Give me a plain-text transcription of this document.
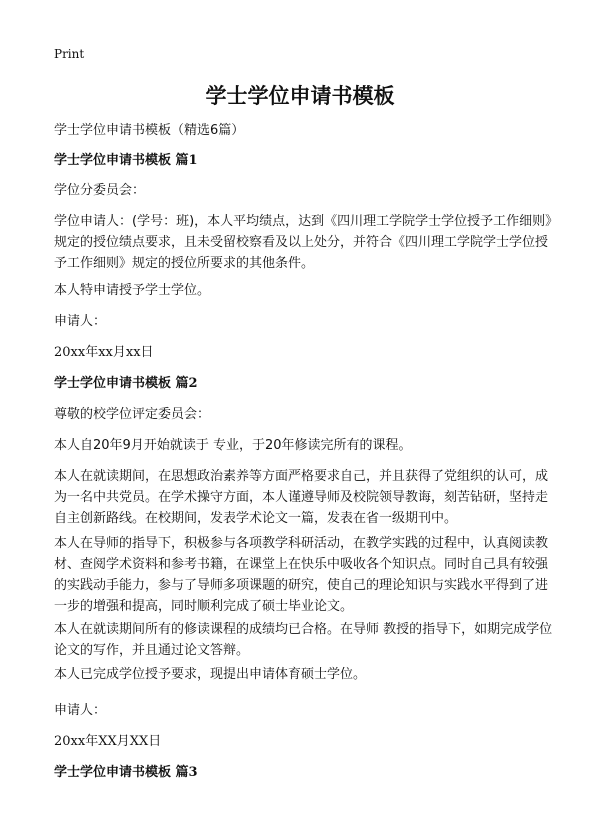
Print
学士学位申请书模板
学士学位申请书模板（精选6篇）
学士学位申请书模板 篇1
学位分委员会：
学位申请人：(学号：班)，本人平均绩点，达到《四川理工学院学士学位授予工作细则》规定的授位绩点要求，且未受留校察看及以上处分，并符合《四川理工学院学士学位授予工作细则》规定的授位所要求的其他条件。
本人特申请授予学士学位。
申请人：
20xx年xx月xx日
学士学位申请书模板 篇2
尊敬的校学位评定委员会：
本人自20年9月开始就读于 专业，于20年修读完所有的课程。
本人在就读期间，在思想政治素养等方面严格要求自己，并且获得了党组织的认可，成为一名中共党员。在学术操守方面，本人谨遵导师及校院领导教诲，刻苦钻研，坚持走自主创新路线。在校期间，发表学术论文一篇，发表在省一级期刊中。
本人在导师的指导下，积极参与各项教学科研活动，在教学实践的过程中，认真阅读教材、查阅学术资料和参考书籍，在课堂上在快乐中吸收各个知识点。同时自己具有较强的实践动手能力，参与了导师多项课题的研究，使自己的理论知识与实践水平得到了进一步的增强和提高，同时顺利完成了硕士毕业论文。
本人在就读期间所有的修读课程的成绩均已合格。在导师 教授的指导下，如期完成学位论文的写作，并且通过论文答辩。
本人已完成学位授予要求，现提出申请体育硕士学位。
申请人：
20xx年XX月XX日
学士学位申请书模板 篇3
